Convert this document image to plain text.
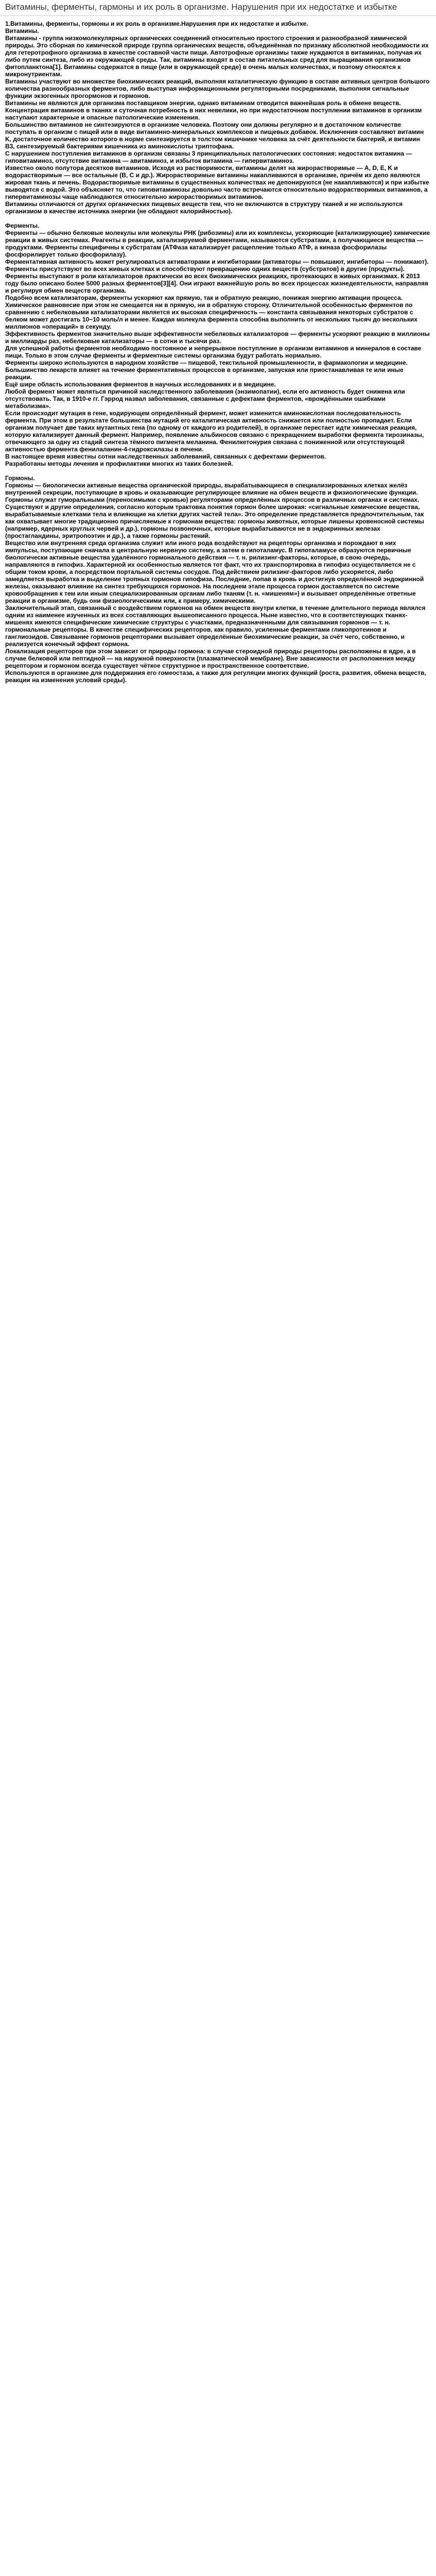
Витамины, ферменты, гармоны и их роль в организме. Нарушения при их недостатке и избытке

1.Витамины, ферменты, гормоны и их роль в организме.Нарушения при их недостатке и избытке.
Витамины.
Витамины - группа низкомолекулярных органических соединений относительно простого строения и разнообразной химической природы. Это сборная по химической природе группа органических веществ, объединённая по признаку абсолютной необходимости их для гетеротрофного организма в качестве составной части пищи. Автотрофные организмы также нуждаются в витаминах, получая их либо путем синтеза, либо из окружающей среды. Так, витамины входят в состав питательных сред для выращивания организмов фитопланктона[1]. Витамины содержатся в пище (или в окружающей среде) в очень малых количествах, и поэтому относятся к микронутриентам.
Витамины участвуют во множестве биохимических реакций, выполняя каталитическую функцию в составе активных центров большого количества разнообразных ферментов, либо выступая информационными регуляторными посредниками, выполняя сигнальные функции экзогенных прогормонов и гормонов.
Витамины не являются для организма поставщиком энергии, однако витаминам отводится важнейшая роль в обмене веществ.
Концентрация витаминов в тканях и суточная потребность в них невелики, но при недостаточном поступлении витаминов в организм наступают характерные и опасные патологические изменения.
Большинство витаминов не синтезируются в организме человека. Поэтому они должны регулярно и в достаточном количестве поступать в организм с пищей или в виде витаминно-минеральных комплексов и пищевых добавок. Исключения составляют витамин K, достаточное количество которого в норме синтезируется в толстом кишечнике человека за счёт деятельности бактерий, и витамин B3, синтезируемый бактериями кишечника из аминокислоты триптофана.
С нарушением поступления витаминов в организм связаны 3 принципиальных патологических состояния: недостаток витамина — гиповитаминоз, отсутствие витамина — авитаминоз, и избыток витамина — гипервитаминоз.
Известно около полутора десятков витаминов. Исходя из растворимости, витамины делят на жирорастворимые — A, D, E, K и водорастворимые — все остальные (B, C и др.). Жирорастворимые витамины накапливаются в организме, причём их депо являются жировая ткань и печень. Водорастворимые витамины в существенных количествах не депонируются (не накапливаются) и при избытке выводятся с водой. Это объясняет то, что гиповитаминозы довольно часто встречаются относительно водорастворимых витаминов, а гипервитаминозы чаще наблюдаются относительно жирорастворимых витаминов.
Витамины отличаются от других органических пищевых веществ тем, что не включаются в структуру тканей и не используются организмом в качестве источника энергии (не обладают калорийностью).

Ферменты.
Ферменты — обычно белковые молекулы или молекулы РНК (рибозимы) или их комплексы, ускоряющие (катализирующие) химические реакции в живых системах. Реагенты в реакции, катализируемой ферментами, называются субстратами, а получающиеся вещества — продуктами. Ферменты специфичны к субстратам (АТФаза катализирует расщепление только АТФ, а киназа фосфорилазы фосфорилирует только фосфорилазу).
Ферментативная активность может регулироваться активаторами и ингибиторами (активаторы — повышают, ингибиторы — понижают).
Ферменты присутствуют во всех живых клетках и способствуют превращению одних веществ (субстратов) в другие (продукты). Ферменты выступают в роли катализаторов практически во всех биохимических реакциях, протекающих в живых организмах. К 2013 году было описано более 5000 разных ферментов[3][4]. Они играют важнейшую роль во всех процессах жизнедеятельности, направляя и регулируя обмен веществ организма.
Подобно всем катализаторам, ферменты ускоряют как прямую, так и обратную реакцию, понижая энергию активации процесса. Химическое равновесие при этом не смещается ни в прямую, ни в обратную сторону. Отличительной особенностью ферментов по сравнению с небелковыми катализаторами является их высокая специфичность — константа связывания некоторых субстратов с белком может достигать 10−10 моль/л и менее. Каждая молекула фермента способна выполнить от нескольких тысяч до нескольких миллионов «операций» в секунду.
Эффективность ферментов значительно выше эффективности небелковых катализаторов — ферменты ускоряют реакцию в миллионы и миллиарды раз, небелковые катализаторы — в сотни и тысячи раз.
Для успешной работы ферментов необходимо постоянное и непрерывное поступление в организм витаминов и минералов в составе пищи. Только в этом случае ферменты и ферментные системы организма будут работать нормально.
Ферменты широко используются в народном хозяйстве — пищевой, текстильной промышленности, в фармакологии и медицине. Большинство лекарств влияет на течение ферментативных процессов в организме, запуская или приостанавливая те или иные реакции.
Ещё шире область использования ферментов в научных исследованиях и в медицине.
Любой фермент может являться причиной наследственного заболевания (энзимопатии), если его активность будет снижена или отсутствовать. Так, в 1910-е гг. Гэррод назвал заболевания, связанные с дефектами ферментов, «врождёнными ошибками метаболизма».
Если происходит мутация в гене, кодирующем определённый фермент, может изменится аминокислотная последовательность фермента. При этом в результате большинства мутаций его каталитическая активность снижается или полностью пропадает. Если организм получает две таких мутантных гена (по одному от каждого из родителей), в организме перестает идти химическая реакция, которую катализирует данный фермент. Например, появление альбиносов связано с прекращением выработки фермента тирозиназы, отвечающего за одну из стадий синтеза тёмного пигмента меланина. Фенилкетонурия связана с пониженной или отсутствующей активностью фермента фенилаланин-4-гидроксилазы в печени.
В настоящее время известны сотни наследственных заболеваний, связанных с дефектами ферментов.
Разработаны методы лечения и профилактики многих из таких болезней.

Гормоны.
Гормоны — биологически активные вещества органической природы, вырабатывающиеся в специализированных клетках желёз внутренней секреции, поступающие в кровь и оказывающие регулирующее влияние на обмен веществ и физиологические функции. Гормоны служат гуморальными (переносимыми с кровью) регуляторами определённых процессов в различных органах и системах.
Существуют и другие определения, согласно которым трактовка понятия гормон более широкая: «сигнальные химические вещества, вырабатываемые клетками тела и влияющие на клетки других частей тела». Это определение представляется предпочтительным, так как охватывает многие традиционно причисляемые к гормонам вещества: гормоны животных, которые лишены кровеносной системы (например, ядерных круглых червей и др.), гормоны позвоночных, которые вырабатываются не в эндокринных железах (простагландины, эритропоэтин и др.), а также гормоны растений.
Вещество или внутренняя среда организма служит или иного рода воздействуют на рецепторы организма и порождают в них импульсы, поступающие сначала в центральную нервную систему, а затем в гипоталамус. В гипоталамусе образуются первичные биологически активные вещества удалённого гормонального действия — т. н. рилизинг-факторы, которые, в свою очередь, направляются в гипофиз. Характерной их особенностью является тот факт, что их транспортировка в гипофиз осуществляется не с общим током крови, а посредством портальной системы сосудов. Под действием рилизинг-факторов либо ускоряется, либо замедляется выработка и выделение тропных гормонов гипофиза. Последние, попав в кровь и достигнув определённой эндокринной железы, оказывают влияние на синтез требующихся гормонов. На последнем этапе процесса гормон доставляется по системе кровообращения к тем или иным специализированным органам либо тканям (т. н. «мишеням») и вызывает определённые ответные реакции в организме, будь они физиологическими или, к примеру, химическими.
Заключительный этап, связанный с воздействием гормонов на обмен веществ внутри клетки, в течение длительного периода являлся одним из наименее изученных из всех составляющих вышеописанного процесса. Ныне известно, что в соответствующих тканях-мишенях имеются специфические химические структуры с участками, предназначенными для связывания гормонов — т. н. гормональные рецепторы. В качестве специфических рецепторов, как правило, усиленные ферментами гликопротеинов и ганглиозидов. Связывание гормонов рецепторами вызывает определённые биохимические реакции, за счёт чего, собственно, и реализуется конечный эффект гормона.
Локализация рецепторов при этом зависит от природы гормона: в случае стероидной природы рецепторы расположены в ядре, а в случае белковой или пептидной — на наружной поверхности (плазматической мембране). Вне зависимости от расположения между рецептором и гормоном всегда существует чёткое структурное и пространственное соответствие.
Используются в организме для поддержания его гомеостаза, а также для регуляции многих функций (роста, развития, обмена веществ, реакции на изменения условий среды).
